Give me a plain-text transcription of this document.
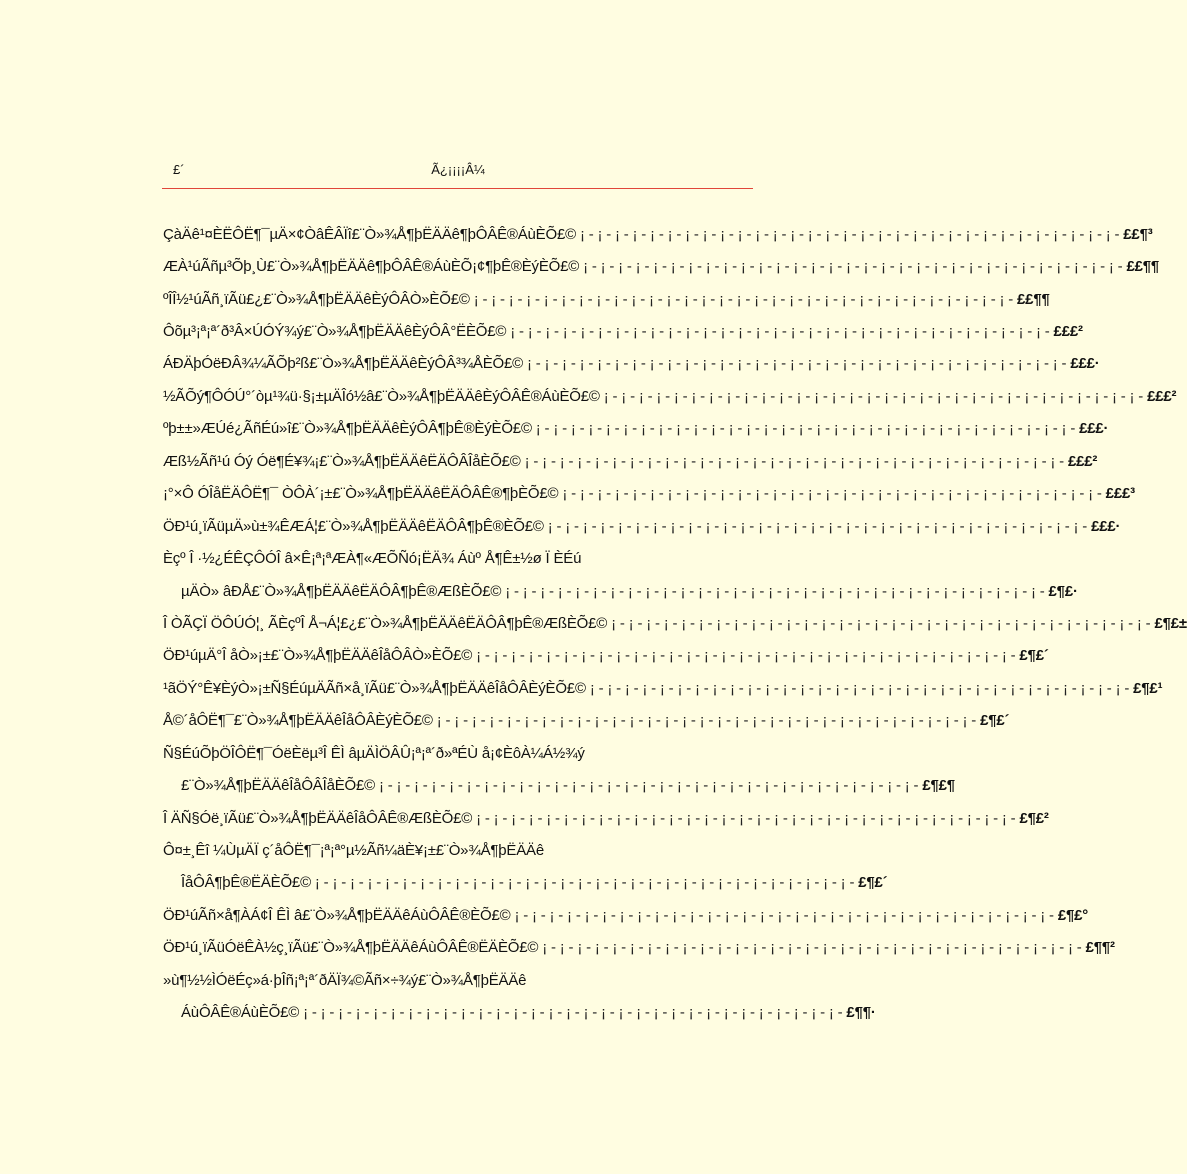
£´	Ã¿¡¡¡¡Â¼
ÇàÄê¹¤ÈËÔË¶¯µÄ×¢ÒâÊÂÏî£¨Ò»¾Å¶þËÄÄê¶þÔÂÊ®ÁùÈÕ£© ¡ - ¡ - ¡ - ¡ - ¡ - ¡ - ¡ - ¡ - ¡ - ¡ - ¡ - ¡ - ¡ - ¡ - ¡ - ¡ - ¡ - ¡ - ¡ - ¡ - ¡ - ¡ - ¡ - ¡ - ¡ - ¡ - ¡ - ¡ - ¡ - ¡ - ¡ - ££¶³
ÆÀ¹úÃñµ³Õþ¸Ù£¨Ò»¾Å¶þËÄÄê¶þÔÂÊ®ÁùÈÕ¡¢¶þÊ®ÈýÈÕ£© ¡ - ¡ - ¡ - ¡ - ¡ - ¡ - ¡ - ¡ - ¡ - ¡ - ¡ - ¡ - ¡ - ¡ - ¡ - ¡ - ¡ - ¡ - ¡ - ¡ - ¡ - ¡ - ¡ - ¡ - ¡ - ¡ - ¡ - ¡ - ¡ - ¡ - ¡ - ££¶¶
ºÎÎ½¹úÃñ¸ïÃü£¿£¨Ò»¾Å¶þËÄÄêÈýÔÂÒ»ÈÕ£© ¡ - ¡ - ¡ - ¡ - ¡ - ¡ - ¡ - ¡ - ¡ - ¡ - ¡ - ¡ - ¡ - ¡ - ¡ - ¡ - ¡ - ¡ - ¡ - ¡ - ¡ - ¡ - ¡ - ¡ - ¡ - ¡ - ¡ - ¡ - ¡ - ¡ - ¡ - ££¶¶
Ôõµ³¡ª¡ª´ð³Â×ÚÓÝ¾ý£¨Ò»¾Å¶þËÄÄêÈýÔÂ°ËÈÕ£© ¡ - ¡ - ¡ - ¡ - ¡ - ¡ - ¡ - ¡ - ¡ - ¡ - ¡ - ¡ - ¡ - ¡ - ¡ - ¡ - ¡ - ¡ - ¡ - ¡ - ¡ - ¡ - ¡ - ¡ - ¡ - ¡ - ¡ - ¡ - ¡ - ¡ - ¡ - £££²
ÁÐÄþÓëÐÂ¾¼ÃÕþ²ß£¨Ò»¾Å¶þËÄÄêÈýÔÂ³¾ÅÈÕ£© ¡ - ¡ - ¡ - ¡ - ¡ - ¡ - ¡ - ¡ - ¡ - ¡ - ¡ - ¡ - ¡ - ¡ - ¡ - ¡ - ¡ - ¡ - ¡ - ¡ - ¡ - ¡ - ¡ - ¡ - ¡ - ¡ - ¡ - ¡ - ¡ - ¡ - ¡ - £££·
½ÃÕý¶ÔÓÚ°´òµ¹¾ü·§¡±µÄÎó½â£¨Ò»¾Å¶þËÄÄêÈýÔÂÊ®ÁùÈÕ£© ¡ - ¡ - ¡ - ¡ - ¡ - ¡ - ¡ - ¡ - ¡ - ¡ - ¡ - ¡ - ¡ - ¡ - ¡ - ¡ - ¡ - ¡ - ¡ - ¡ - ¡ - ¡ - ¡ - ¡ - ¡ - ¡ - ¡ - ¡ - ¡ - ¡ - ¡ - £££²
ºþ±±»ÆÚé¿ÃñÉú»î£¨Ò»¾Å¶þËÄÄêÈýÔÂ¶þÊ®ÈýÈÕ£© ¡ - ¡ - ¡ - ¡ - ¡ - ¡ - ¡ - ¡ - ¡ - ¡ - ¡ - ¡ - ¡ - ¡ - ¡ - ¡ - ¡ - ¡ - ¡ - ¡ - ¡ - ¡ - ¡ - ¡ - ¡ - ¡ - ¡ - ¡ - ¡ - ¡ - ¡ - £££·
Æß½Ãñ¹ú Óý Óë¶É¥¾¡£¨Ò»¾Å¶þËÄÄêËÄÔÂÎåÈÕ£© ¡ - ¡ - ¡ - ¡ - ¡ - ¡ - ¡ - ¡ - ¡ - ¡ - ¡ - ¡ - ¡ - ¡ - ¡ - ¡ - ¡ - ¡ - ¡ - ¡ - ¡ - ¡ - ¡ - ¡ - ¡ - ¡ - ¡ - ¡ - ¡ - ¡ - ¡ - £££²
¡°×Ô ÓÎåËÄÔË¶¯ ÒÔÀ´¡±£¨Ò»¾Å¶þËÄÄêËÄÔÂÊ®¶þÈÕ£© ¡ - ¡ - ¡ - ¡ - ¡ - ¡ - ¡ - ¡ - ¡ - ¡ - ¡ - ¡ - ¡ - ¡ - ¡ - ¡ - ¡ - ¡ - ¡ - ¡ - ¡ - ¡ - ¡ - ¡ - ¡ - ¡ - ¡ - ¡ - ¡ - ¡ - ¡ - £££³
ÖÐ¹ú¸ïÃüµÄ»ù±¾ÊÆÁ¦£¨Ò»¾Å¶þËÄÄêËÄÔÂ¶þÊ®ÈÕ£© ¡ - ¡ - ¡ - ¡ - ¡ - ¡ - ¡ - ¡ - ¡ - ¡ - ¡ - ¡ - ¡ - ¡ - ¡ - ¡ - ¡ - ¡ - ¡ - ¡ - ¡ - ¡ - ¡ - ¡ - ¡ - ¡ - ¡ - ¡ - ¡ - ¡ - ¡ - £££·
Èçº Î ·½¿ÉÊÇÔÓÎ â×Ê¡ª¡ªÆÀ¶«ÆÕÑó¡ËÄ¾ Áùº Å¶Ê±½ø Ï ÈÉú
µÄÒ» âÐÅ£¨Ò»¾Å¶þËÄÄêËÄÔÂ¶þÊ®ÆßÈÕ£© ¡ - ¡ - ¡ - ¡ - ¡ - ¡ - ¡ - ¡ - ¡ - ¡ - ¡ - ¡ - ¡ - ¡ - ¡ - ¡ - ¡ - ¡ - ¡ - ¡ - ¡ - ¡ - ¡ - ¡ - ¡ - ¡ - ¡ - ¡ - ¡ - ¡ - ¡ - £¶£·
Î ÒÃÇÏ ÖÔÚÓ¦¸ ÃÈçºÎ Å¬Á¦£¿£¨Ò»¾Å¶þËÄÄêËÄÔÂ¶þÊ®ÆßÈÕ£© ¡ - ¡ - ¡ - ¡ - ¡ - ¡ - ¡ - ¡ - ¡ - ¡ - ¡ - ¡ - ¡ - ¡ - ¡ - ¡ - ¡ - ¡ - ¡ - ¡ - ¡ - ¡ - ¡ - ¡ - ¡ - ¡ - ¡ - ¡ - ¡ - ¡ - ¡ - £¶£±
ÖÐ¹úµÄ°Î åÒ»¡±£¨Ò»¾Å¶þËÄÄêÎåÔÂÒ»ÈÕ£© ¡ - ¡ - ¡ - ¡ - ¡ - ¡ - ¡ - ¡ - ¡ - ¡ - ¡ - ¡ - ¡ - ¡ - ¡ - ¡ - ¡ - ¡ - ¡ - ¡ - ¡ - ¡ - ¡ - ¡ - ¡ - ¡ - ¡ - ¡ - ¡ - ¡ - ¡ - £¶£´
¹ãÖÝ°Ê¥ÈýÒ»¡±Ñ§ÉúµÄÃñ×å¸ïÃü£¨Ò»¾Å¶þËÄÄêÎåÔÂÈýÈÕ£© ¡ - ¡ - ¡ - ¡ - ¡ - ¡ - ¡ - ¡ - ¡ - ¡ - ¡ - ¡ - ¡ - ¡ - ¡ - ¡ - ¡ - ¡ - ¡ - ¡ - ¡ - ¡ - ¡ - ¡ - ¡ - ¡ - ¡ - ¡ - ¡ - ¡ - ¡ - £¶£¹
Å©´åÔË¶¯£¨Ò»¾Å¶þËÄÄêÎåÔÂÈýÈÕ£© ¡ - ¡ - ¡ - ¡ - ¡ - ¡ - ¡ - ¡ - ¡ - ¡ - ¡ - ¡ - ¡ - ¡ - ¡ - ¡ - ¡ - ¡ - ¡ - ¡ - ¡ - ¡ - ¡ - ¡ - ¡ - ¡ - ¡ - ¡ - ¡ - ¡ - ¡ - £¶£´
Ñ§ÉúÕþÖÎÔË¶¯ÓëÈëµ³Î ÊÌ âµÄÌÖÂÛ¡ª¡ª´ð»ªÉÙ å¡¢ÈôÀ¼Á½¾ý
£¨Ò»¾Å¶þËÄÄêÎåÔÂÎåÈÕ£© ¡ - ¡ - ¡ - ¡ - ¡ - ¡ - ¡ - ¡ - ¡ - ¡ - ¡ - ¡ - ¡ - ¡ - ¡ - ¡ - ¡ - ¡ - ¡ - ¡ - ¡ - ¡ - ¡ - ¡ - ¡ - ¡ - ¡ - ¡ - ¡ - ¡ - ¡ - £¶£¶
Î ÄÑ§Óë¸ïÃü£¨Ò»¾Å¶þËÄÄêÎåÔÂÊ®ÆßÈÕ£© ¡ - ¡ - ¡ - ¡ - ¡ - ¡ - ¡ - ¡ - ¡ - ¡ - ¡ - ¡ - ¡ - ¡ - ¡ - ¡ - ¡ - ¡ - ¡ - ¡ - ¡ - ¡ - ¡ - ¡ - ¡ - ¡ - ¡ - ¡ - ¡ - ¡ - ¡ - £¶£²
Ô¤±¸Êî ¼ÙµÄÏ ç´åÔË¶¯¡ª¡ª°µ½Ãñ¼äÈ¥¡±£¨Ò»¾Å¶þËÄÄê
ÎåÔÂ¶þÊ®ËÄÈÕ£© ¡ - ¡ - ¡ - ¡ - ¡ - ¡ - ¡ - ¡ - ¡ - ¡ - ¡ - ¡ - ¡ - ¡ - ¡ - ¡ - ¡ - ¡ - ¡ - ¡ - ¡ - ¡ - ¡ - ¡ - ¡ - ¡ - ¡ - ¡ - ¡ - ¡ - ¡ - £¶£´
ÖÐ¹úÃñ×å¶ÀÁ¢Î ÊÌ â£¨Ò»¾Å¶þËÄÄêÁùÔÂÊ®ÈÕ£© ¡ - ¡ - ¡ - ¡ - ¡ - ¡ - ¡ - ¡ - ¡ - ¡ - ¡ - ¡ - ¡ - ¡ - ¡ - ¡ - ¡ - ¡ - ¡ - ¡ - ¡ - ¡ - ¡ - ¡ - ¡ - ¡ - ¡ - ¡ - ¡ - ¡ - ¡ - £¶£°
ÖÐ¹ú¸ïÃüÓëÊÀ½ç¸ïÃü£¨Ò»¾Å¶þËÄÄêÁùÔÂÊ®ËÄÈÕ£© ¡ - ¡ - ¡ - ¡ - ¡ - ¡ - ¡ - ¡ - ¡ - ¡ - ¡ - ¡ - ¡ - ¡ - ¡ - ¡ - ¡ - ¡ - ¡ - ¡ - ¡ - ¡ - ¡ - ¡ - ¡ - ¡ - ¡ - ¡ - ¡ - ¡ - ¡ - £¶¶²
»ù¶½½ÌÓëÉç»á·þÎñ¡ª¡ª´ðÄÏ¾©Ãñ×÷¾ý£¨Ò»¾Å¶þËÄÄê
ÁùÔÂÊ®ÁùÈÕ£© ¡ - ¡ - ¡ - ¡ - ¡ - ¡ - ¡ - ¡ - ¡ - ¡ - ¡ - ¡ - ¡ - ¡ - ¡ - ¡ - ¡ - ¡ - ¡ - ¡ - ¡ - ¡ - ¡ - ¡ - ¡ - ¡ - ¡ - ¡ - ¡ - ¡ - ¡ - £¶¶·
